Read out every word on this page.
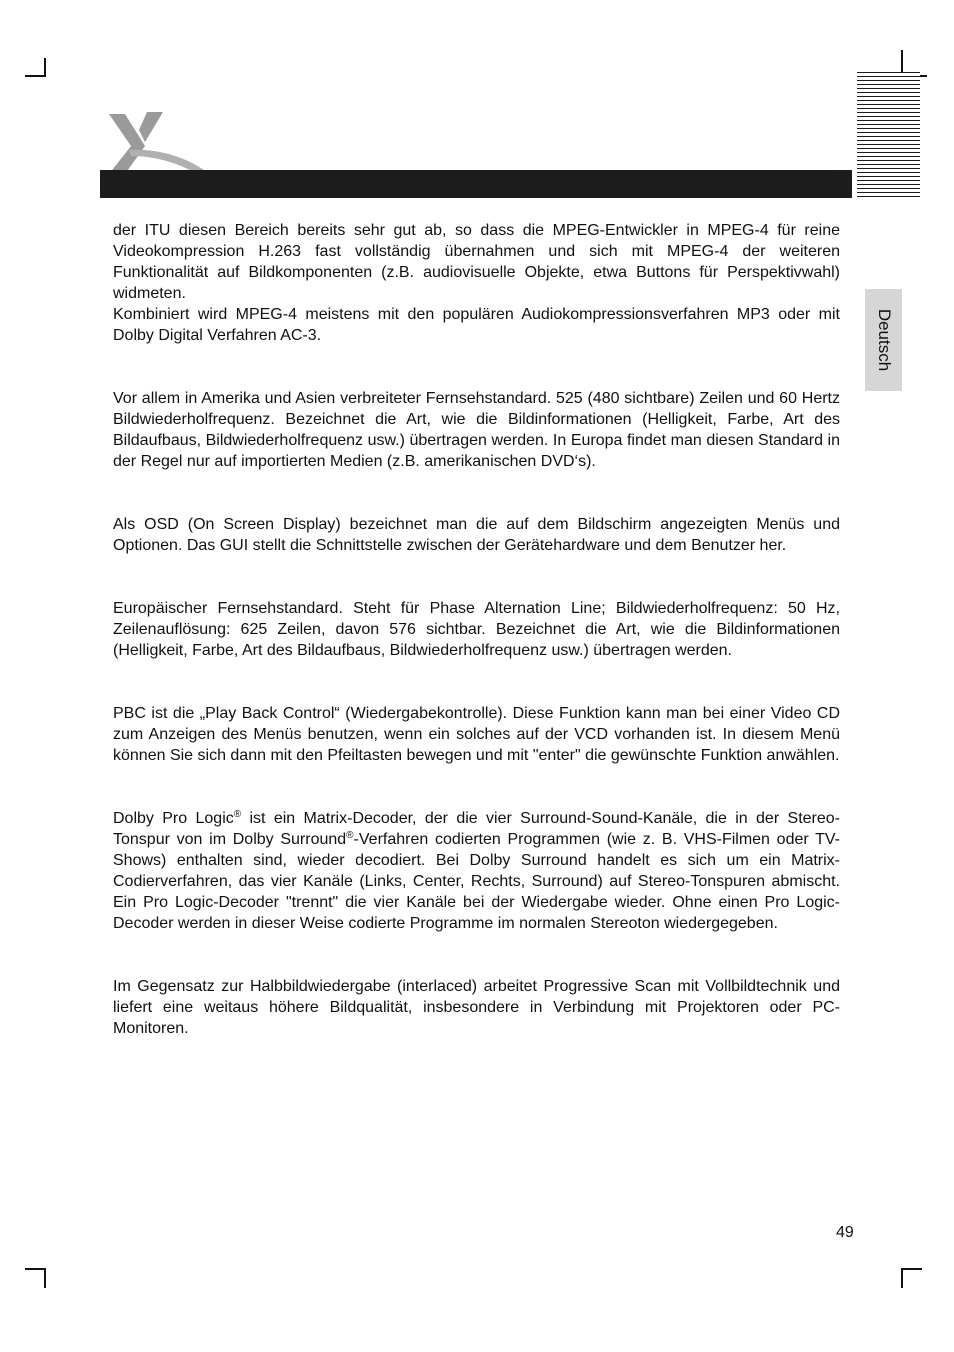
Deutsch

der ITU diesen Bereich bereits sehr gut ab, so dass die MPEG-Entwickler in MPEG-4 für reine Videokompression H.263 fast vollständig übernahmen und sich mit MPEG-4 der weiteren Funktionalität auf Bildkomponenten (z.B. audiovisuelle Objekte, etwa Buttons für Perspektivwahl) widmeten.

Kombiniert wird MPEG-4 meistens mit den populären Audiokompressionsverfahren MP3 oder mit Dolby Digital Verfahren AC-3.

Vor allem in Amerika und Asien verbreiteter Fernsehstandard. 525 (480 sichtbare) Zeilen und 60 Hertz Bildwiederholfrequenz. Bezeichnet die Art, wie die Bildinformationen (Helligkeit, Farbe, Art des Bildaufbaus, Bildwiederholfrequenz usw.) übertragen werden. In Europa findet man diesen Standard in der Regel nur auf importierten Medien (z.B. amerikanischen DVD‘s).

Als OSD (On Screen Display) bezeichnet man die auf dem Bildschirm angezeigten Menüs und Optionen. Das GUI stellt die Schnittstelle zwischen der Gerätehardware und dem Benutzer her.

Europäischer Fernsehstandard. Steht für Phase Alternation Line; Bildwiederholfrequenz: 50 Hz, Zeilenauflösung: 625 Zeilen, davon 576 sichtbar. Bezeichnet die Art, wie die Bildinformationen (Helligkeit, Farbe, Art des Bildaufbaus, Bildwiederholfrequenz usw.) übertragen werden.

PBC ist die „Play Back Control“ (Wiedergabekontrolle). Diese Funktion kann man bei einer Video CD zum Anzeigen des Menüs benutzen, wenn ein solches auf der VCD vorhanden ist. In diesem Menü können Sie sich dann mit den Pfeiltasten bewegen und mit "enter" die gewünschte Funktion anwählen.

Dolby Pro Logic® ist ein Matrix-Decoder, der die vier Surround-Sound-Kanäle, die in der Stereo-Tonspur von im Dolby Surround®-Verfahren codierten Programmen (wie z. B. VHS-Filmen oder TV-Shows) enthalten sind, wieder decodiert. Bei Dolby Surround handelt es sich um ein Matrix-Codierverfahren, das vier Kanäle (Links, Center, Rechts, Surround) auf Stereo-Tonspuren abmischt. Ein Pro Logic-Decoder "trennt" die vier Kanäle bei der Wiedergabe wieder. Ohne einen Pro Logic-Decoder werden in dieser Weise codierte Programme im normalen Stereoton wiedergegeben.

Im Gegensatz zur Halbbildwiedergabe (interlaced) arbeitet Progressive Scan mit Vollbildtechnik und liefert eine weitaus höhere Bildqualität, insbesondere in Verbindung mit Projektoren oder PC-Monitoren.

49
